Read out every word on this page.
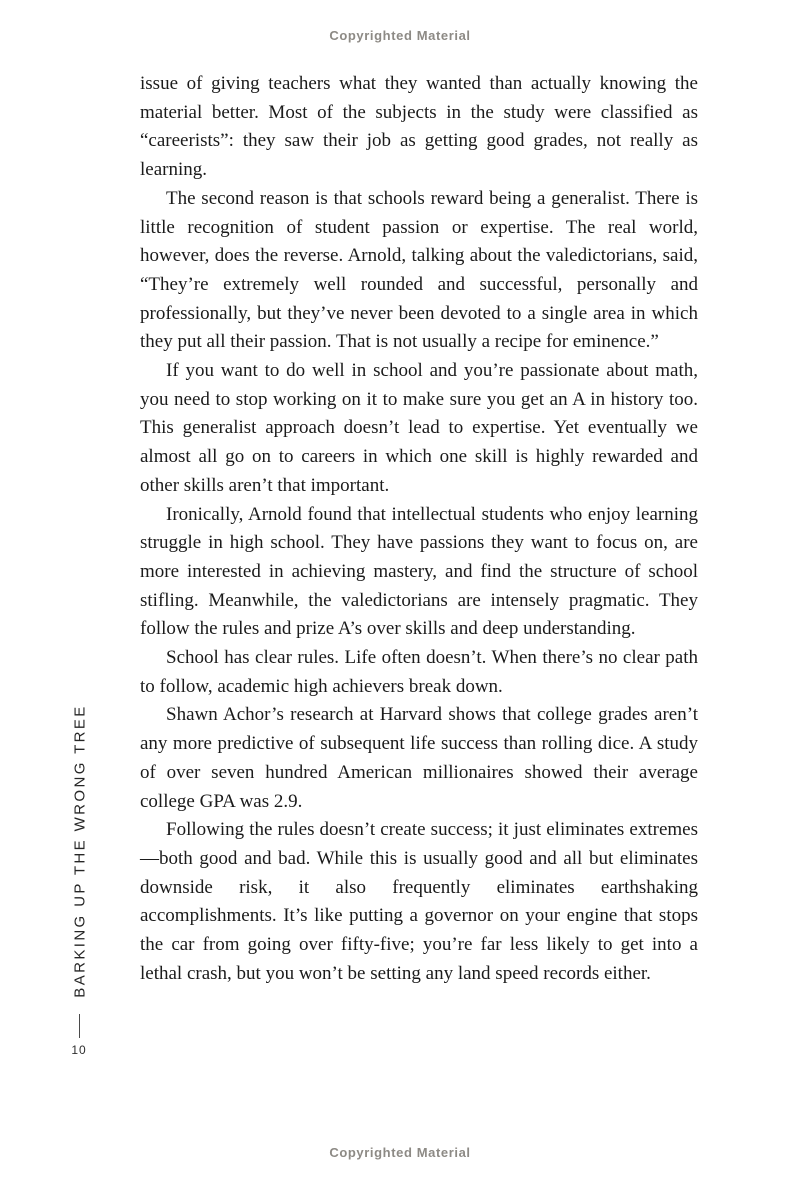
Copyrighted Material
BARKING UP THE WRONG TREE
10

issue of giving teachers what they wanted than actually knowing the material better. Most of the subjects in the study were classified as “careerists”: they saw their job as getting good grades, not really as learning.

The second reason is that schools reward being a generalist. There is little recognition of student passion or expertise. The real world, however, does the reverse. Arnold, talking about the valedictorians, said, “They’re extremely well rounded and successful, personally and professionally, but they’ve never been devoted to a single area in which they put all their passion. That is not usually a recipe for eminence.”

If you want to do well in school and you’re passionate about math, you need to stop working on it to make sure you get an A in history too. This generalist approach doesn’t lead to expertise. Yet eventually we almost all go on to careers in which one skill is highly rewarded and other skills aren’t that important.

Ironically, Arnold found that intellectual students who enjoy learning struggle in high school. They have passions they want to focus on, are more interested in achieving mastery, and find the structure of school stifling. Meanwhile, the valedictorians are intensely pragmatic. They follow the rules and prize A’s over skills and deep understanding.

School has clear rules. Life often doesn’t. When there’s no clear path to follow, academic high achievers break down.

Shawn Achor’s research at Harvard shows that college grades aren’t any more predictive of subsequent life success than rolling dice. A study of over seven hundred American millionaires showed their average college GPA was 2.9.

Following the rules doesn’t create success; it just eliminates extremes—both good and bad. While this is usually good and all but eliminates downside risk, it also frequently eliminates earthshaking accomplishments. It’s like putting a governor on your engine that stops the car from going over fifty-five; you’re far less likely to get into a lethal crash, but you won’t be setting any land speed records either.

Copyrighted Material
